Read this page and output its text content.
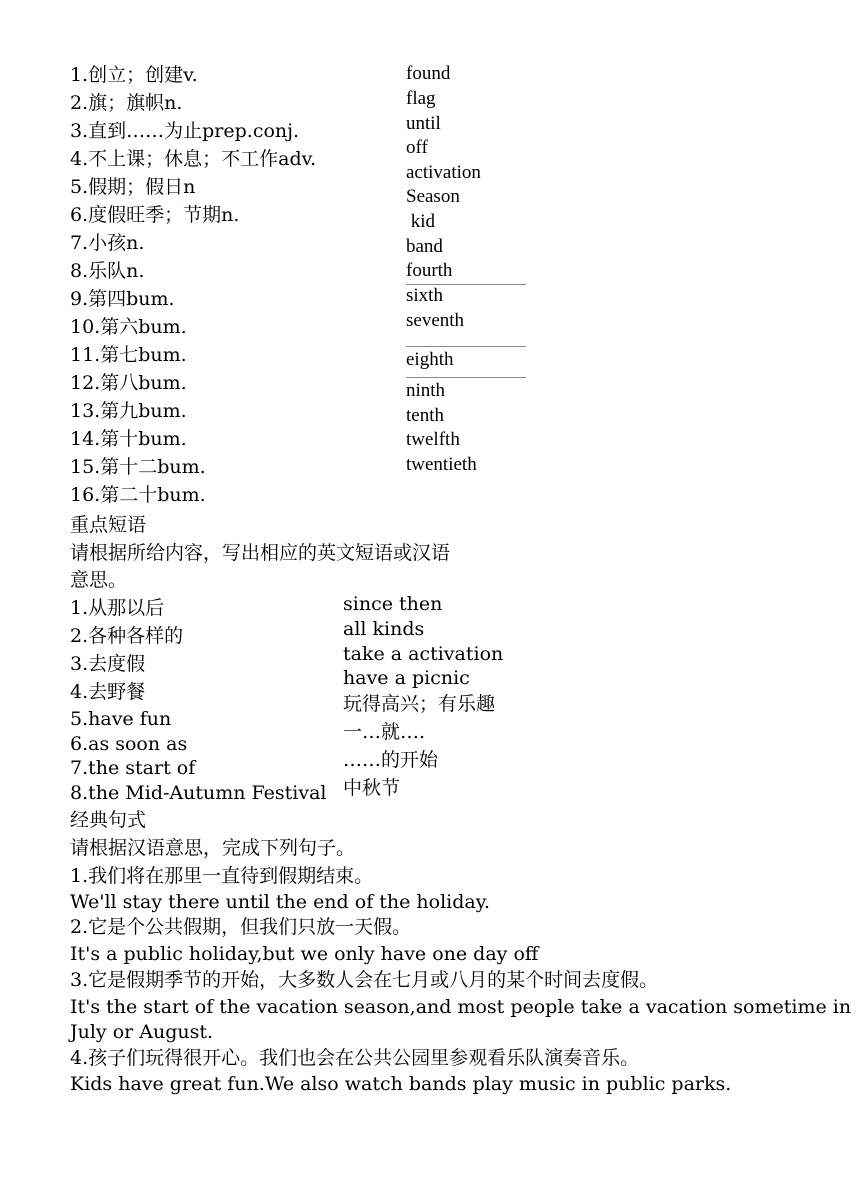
1.创立；创建v.
2.旗；旗帜n.
3.直到……为止prep.conj.
4.不上课；休息；不工作adv.
5.假期；假日n
6.度假旺季；节期n.
7.小孩n.
8.乐队n.
9.第四bum.
10.第六bum.
11.第七bum.
12.第八bum.
13.第九bum.
14.第十bum.
15.第十二bum.
16.第二十bum.
found
flag
until
off
activation
Season
kid
band
fourth
sixth
seventh
eighth
ninth
tenth
twelfth
twentieth
重点短语
请根据所给内容，写出相应的英文短语或汉语
意思。
1.从那以后
2.各种各样的
3.去度假
4.去野餐
5.have fun
6.as soon as
7.the start of
8.the Mid-Autumn Festival
since then
all kinds
take a activation
have a picnic
玩得高兴；有乐趣
一…就….
……的开始
中秋节
经典句式
请根据汉语意思，完成下列句子。
1.我们将在那里一直待到假期结束。
We'll stay there until the end of the holiday.
2.它是个公共假期，但我们只放一天假。
It's a public holiday,but we only have one day off
3.它是假期季节的开始，大多数人会在七月或八月的某个时间去度假。
It's the start of the vacation season,and most people take a vacation sometime in
July or August.
4.孩子们玩得很开心。我们也会在公共公园里参观看乐队演奏音乐。
Kids have great fun.We also watch bands play music in public parks.
